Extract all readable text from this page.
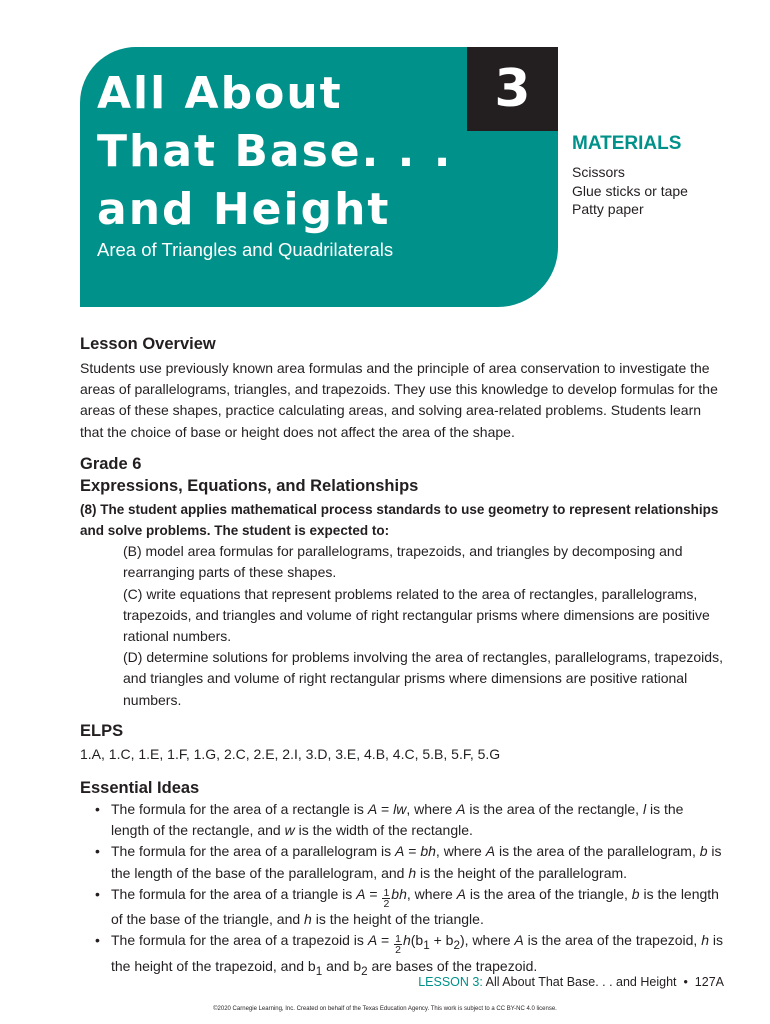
All About
That Base. . .
and Height
Area of Triangles and Quadrilaterals
3
MATERIALS
Scissors
Glue sticks or tape
Patty paper
Lesson Overview

Students use previously known area formulas and the principle of area conservation to investigate the areas of parallelograms, triangles, and trapezoids. They use this knowledge to develop formulas for the areas of these shapes, practice calculating areas, and solving area-related problems. Students learn that the choice of base or height does not affect the area of the shape.

Grade 6
Expressions, Equations, and Relationships

(8) The student applies mathematical process standards to use geometry to represent relationships and solve problems. The student is expected to:

(B) model area formulas for parallelograms, trapezoids, and triangles by decomposing and rearranging parts of these shapes.

(C) write equations that represent problems related to the area of rectangles, parallelograms, trapezoids, and triangles and volume of right rectangular prisms where dimensions are positive rational numbers.

(D) determine solutions for problems involving the area of rectangles, parallelograms, trapezoids, and triangles and volume of right rectangular prisms where dimensions are positive rational numbers.

ELPS

1.A, 1.C, 1.E, 1.F, 1.G, 2.C, 2.E, 2.I, 3.D, 3.E, 4.B, 4.C, 5.B, 5.F, 5.G

Essential Ideas
• The formula for the area of a rectangle is A = lw, where A is the area of the rectangle, l is the length of the rectangle, and w is the width of the rectangle.
• The formula for the area of a parallelogram is A = bh, where A is the area of the parallelogram, b is the length of the base of the parallelogram, and h is the height of the parallelogram.
• The formula for the area of a triangle is $A = \frac{1}{2}$ bh, where A is the area of the triangle, b is the length of the base of the triangle, and h is the height of the triangle.
• The formula for the area of a trapezoid is $A = \frac{1}{2} h(b_1 + b_2)$, where A is the area of the trapezoid, h is the height of the trapezoid, and $b_1$ and $b_2$ are bases of the trapezoid.
LESSON 3: All About That Base. . . and Height • 127A
©2020 Carnegie Learning, Inc. Created on behalf of the Texas Education Agency. This work is subject to a CC BY-NC 4.0 license.
